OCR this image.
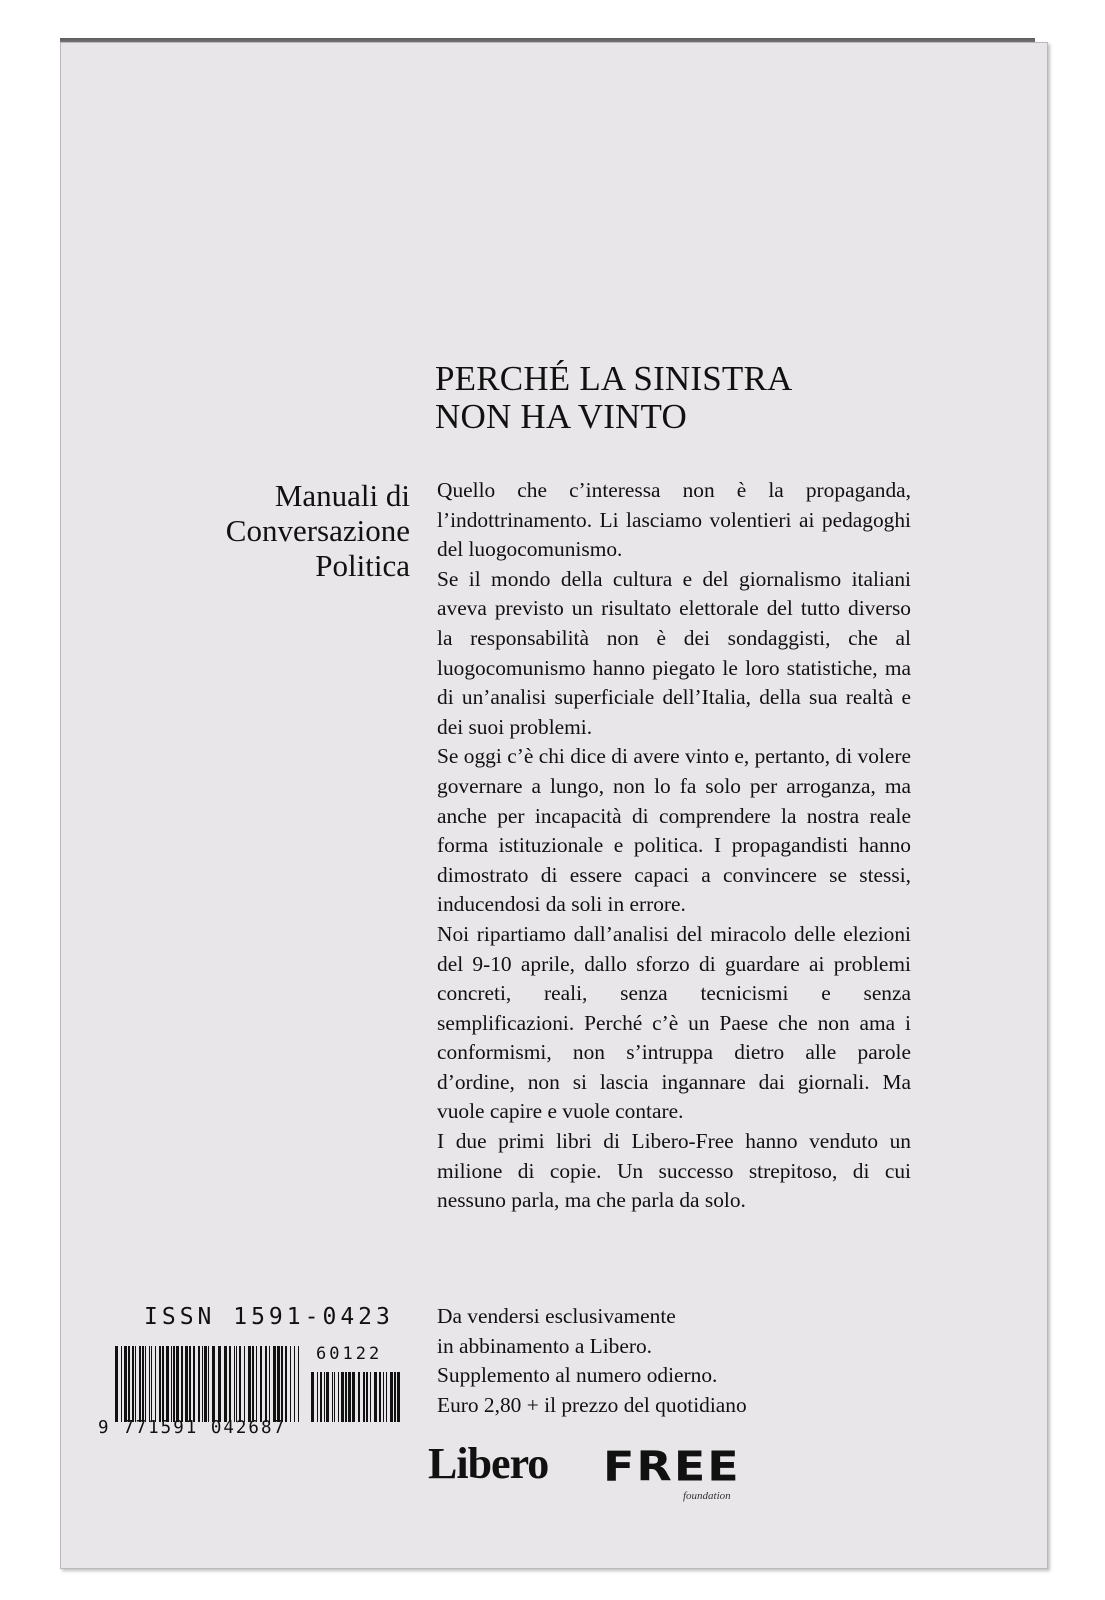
PERCHÉ LA SINISTRA
NON HA VINTO
Manuali di
Conversazione
Politica

Quello che c’interessa non è la propaganda, l’indottrinamento. Li lasciamo volentieri ai pedagoghi del luogocomunismo.

Se il mondo della cultura e del giornalismo italiani aveva previsto un risultato elettorale del tutto diverso la responsabilità non è dei sondaggisti, che al luogocomunismo hanno piegato le loro statistiche, ma di un’analisi superficiale dell’Italia, della sua realtà e dei suoi problemi.

Se oggi c’è chi dice di avere vinto e, pertanto, di volere governare a lungo, non lo fa solo per arroganza, ma anche per incapacità di comprendere la nostra reale forma istituzionale e politica. I propagandisti hanno dimostrato di essere capaci a convincere se stessi, inducendosi da soli in errore.

Noi ripartiamo dall’analisi del miracolo delle elezioni del 9-10 aprile, dallo sforzo di guardare ai problemi concreti, reali, senza tecnicismi e senza semplificazioni. Perché c’è un Paese che non ama i conformismi, non s’intruppa dietro alle parole d’ordine, non si lascia ingannare dai giornali. Ma vuole capire e vuole contare.

I due primi libri di Libero-Free hanno venduto un milione di copie. Un successo strepitoso, di cui nessuno parla, ma che parla da solo.

ISSN 1591-0423
60122
9 771591 042687
Da vendersi esclusivamente
in abbinamento a Libero.
Supplemento al numero odierno.
Euro 2,80 + il prezzo del quotidiano
Libero FREE
foundation
